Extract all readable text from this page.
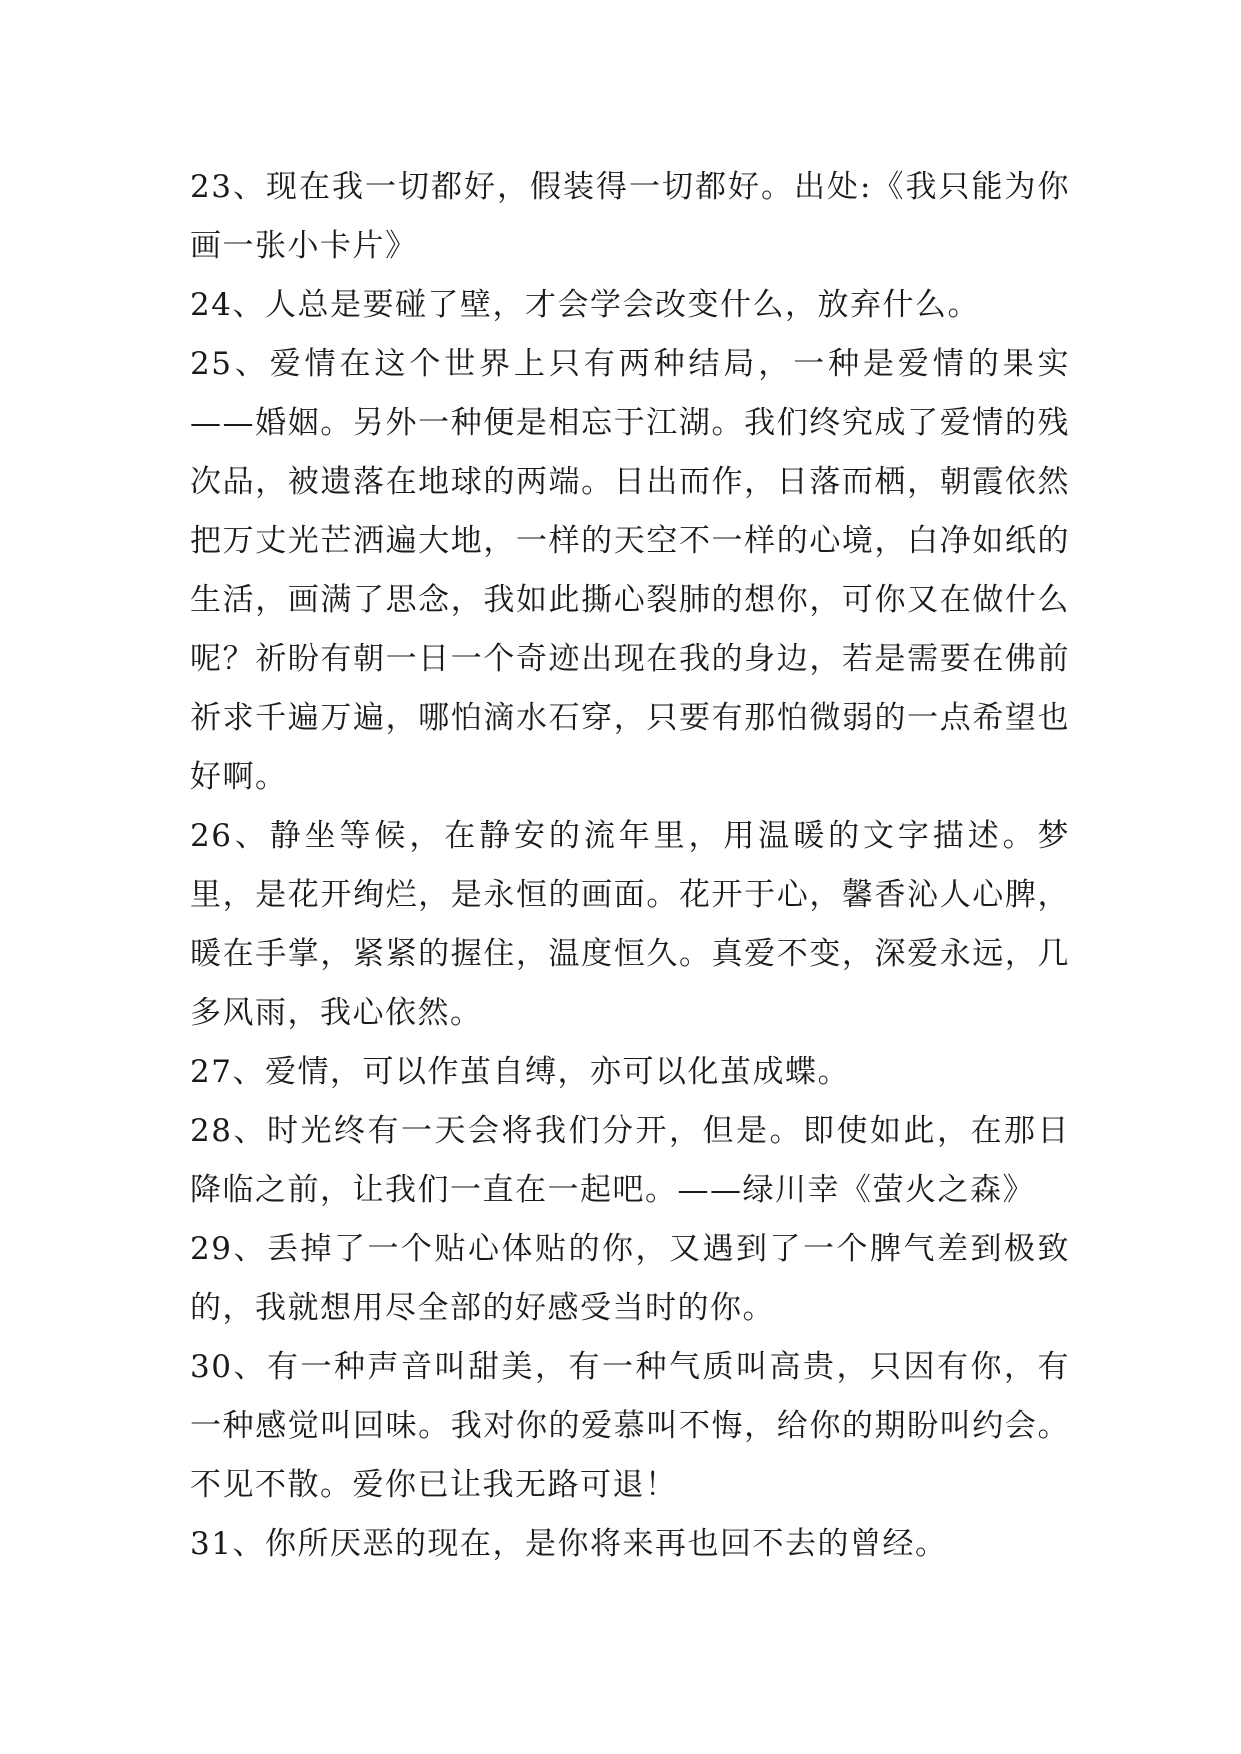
23、现在我一切都好，假装得一切都好。出处:《我只能为你画一张小卡片》

24、人总是要碰了壁，才会学会改变什么，放弃什么。

25、爱情在这个世界上只有两种结局，一种是爱情的果实——婚姻。另外一种便是相忘于江湖。我们终究成了爱情的残次品，被遗落在地球的两端。日出而作，日落而栖，朝霞依然把万丈光芒洒遍大地，一样的天空不一样的心境，白净如纸的生活，画满了思念，我如此撕心裂肺的想你，可你又在做什么呢？祈盼有朝一日一个奇迹出现在我的身边，若是需要在佛前祈求千遍万遍，哪怕滴水石穿，只要有那怕微弱的一点希望也好啊。

26、静坐等候，在静安的流年里，用温暖的文字描述。梦里，是花开绚烂，是永恒的画面。花开于心，馨香沁人心脾，暖在手掌，紧紧的握住，温度恒久。真爱不变，深爱永远，几多风雨，我心依然。

27、爱情，可以作茧自缚，亦可以化茧成蝶。

28、时光终有一天会将我们分开，但是。即使如此，在那日降临之前，让我们一直在一起吧。——绿川幸《萤火之森》

29、丢掉了一个贴心体贴的你，又遇到了一个脾气差到极致的，我就想用尽全部的好感受当时的你。

30、有一种声音叫甜美，有一种气质叫高贵，只因有你，有一种感觉叫回味。我对你的爱慕叫不悔，给你的期盼叫约会。不见不散。爱你已让我无路可退！

31、你所厌恶的现在，是你将来再也回不去的曾经。
